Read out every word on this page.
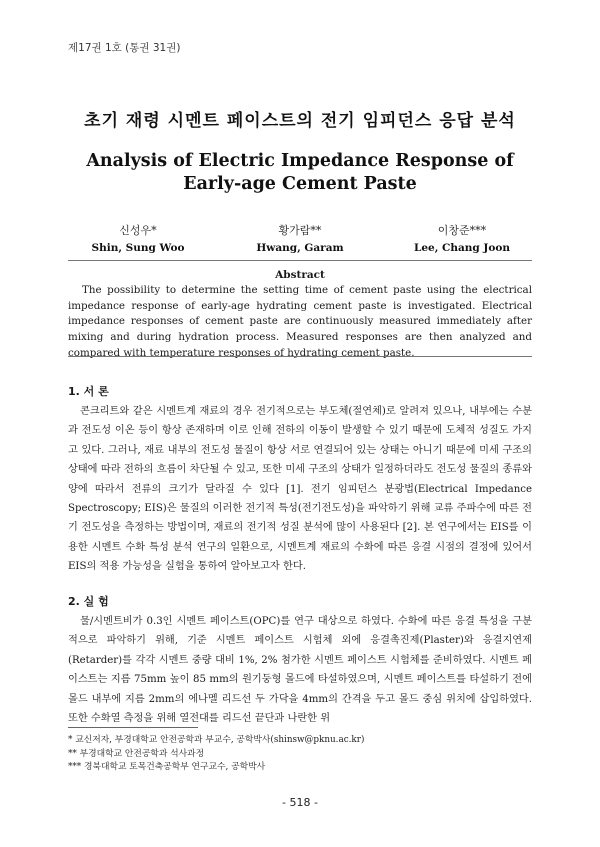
제17권 1호 (통권 31권)
초기 재령 시멘트 페이스트의 전기 임피던스 응답 분석
Analysis of Electric Impedance Response of Early-age Cement Paste
신성우*
Shin, Sung Woo
황가람**
Hwang, Garam
이창준***
Lee, Chang Joon
Abstract
The possibility to determine the setting time of cement paste using the electrical impedance response of early-age hydrating cement paste is investigated. Electrical impedance responses of cement paste are continuously measured immediately after mixing and during hydration process. Measured responses are then analyzed and compared with temperature responses of hydrating cement paste.
1. 서 론
콘크리트와 같은 시멘트계 재료의 경우 전기적으로는 부도체(절연체)로 알려져 있으나, 내부에는 수분과 전도성 이온 등이 항상 존재하며 이로 인해 전하의 이동이 발생할 수 있기 때문에 도체적 성질도 가지고 있다. 그러나, 재료 내부의 전도성 물질이 항상 서로 연결되어 있는 상태는 아니기 때문에 미세 구조의 상태에 따라 전하의 흐름이 차단될 수 있고, 또한 미세 구조의 상태가 일정하더라도 전도성 물질의 종류와 양에 따라서 전류의 크기가 달라질 수 있다 [1]. 전기 임피던스 분광법(Electrical Impedance Spectroscopy; EIS)은 물질의 이러한 전기적 특성(전기전도성)을 파악하기 위해 교류 주파수에 따른 전기 전도성을 측정하는 방법이며, 재료의 전기적 성질 분석에 많이 사용된다 [2]. 본 연구에서는 EIS를 이용한 시멘트 수화 특성 분석 연구의 일환으로, 시멘트계 재료의 수화에 따른 응결 시점의 결정에 있어서 EIS의 적용 가능성을 실험을 통하여 알아보고자 한다.
2. 실 험
물/시멘트비가 0.3인 시멘트 페이스트(OPC)를 연구 대상으로 하였다. 수화에 따른 응결 특성을 구분적으로 파악하기 위해, 기준 시멘트 페이스트 시험체 외에 응결촉진제(Plaster)와 응결지연제(Retarder)를 각각 시멘트 중량 대비 1%, 2% 첨가한 시멘트 페이스트 시험체를 준비하였다. 시멘트 페이스트는 지름 75mm 높이 85 mm의 원기둥형 몰드에 타설하였으며, 시멘트 페이스트를 타설하기 전에 몰드 내부에 지름 2mm의 에나멜 리드선 두 가닥을 4mm의 간격을 두고 몰드 중심 위치에 삽입하였다. 또한 수화열 측정을 위해 열전대를 리드선 끝단과 나란한 위
* 교신저자, 부경대학교 안전공학과 부교수, 공학박사(shinsw@pknu.ac.kr)
** 부경대학교 안전공학과 석사과정
*** 경북대학교 토목건축공학부 연구교수, 공학박사
- 518 -
